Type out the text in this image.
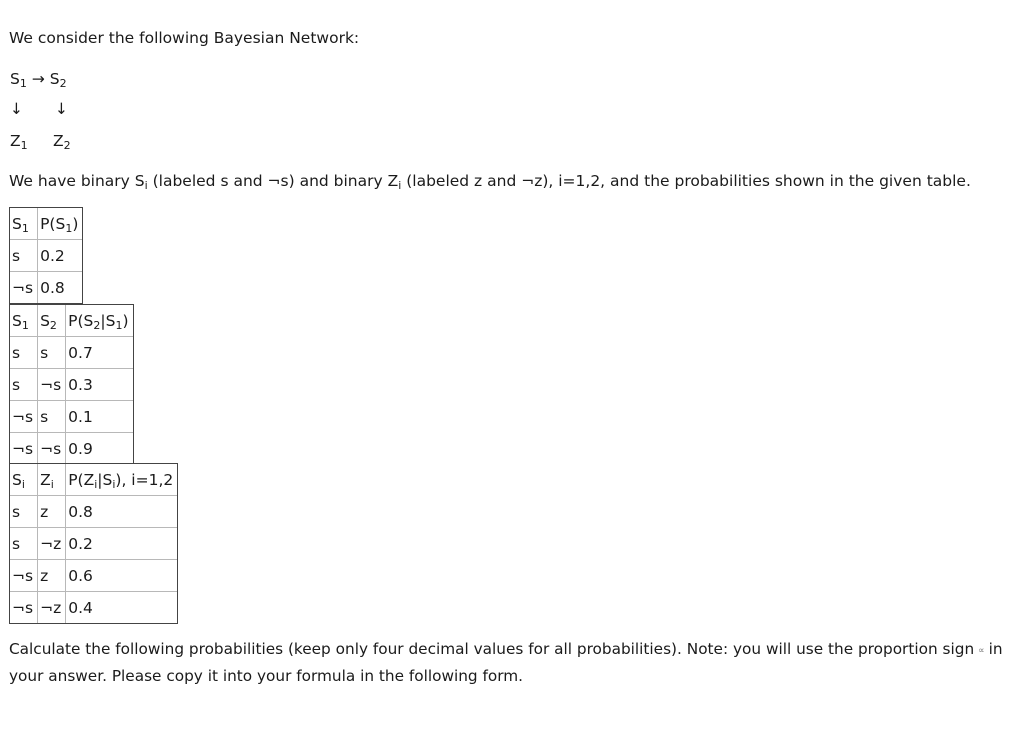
We consider the following Bayesian Network:
$S_1 \to S_2$
↓ ↓
$Z_1$ $Z_2$
We have binary $S_i$ (labeled s and ¬s) and binary $Z_i$ (labeled z and ¬z), i=1,2, and the probabilities shown in the given table.
$S_1$	$P(S_1)$
s	0.2
¬s	0.8
$S_1$	$S_2$	$P(S_2|S_1)$
s	s	0.7
s	¬s	0.3
¬s	s	0.1
¬s	¬s	0.9
$S_i$	$Z_i$	$P(Z_i|S_i)$, i=1,2
s	z	0.8
s	¬z	0.2
¬s	z	0.6
¬s	¬z	0.4
Calculate the following probabilities (keep only four decimal values for all probabilities). Note: you will use the proportion sign ∝ in
your answer. Please copy it into your formula in the following form.
